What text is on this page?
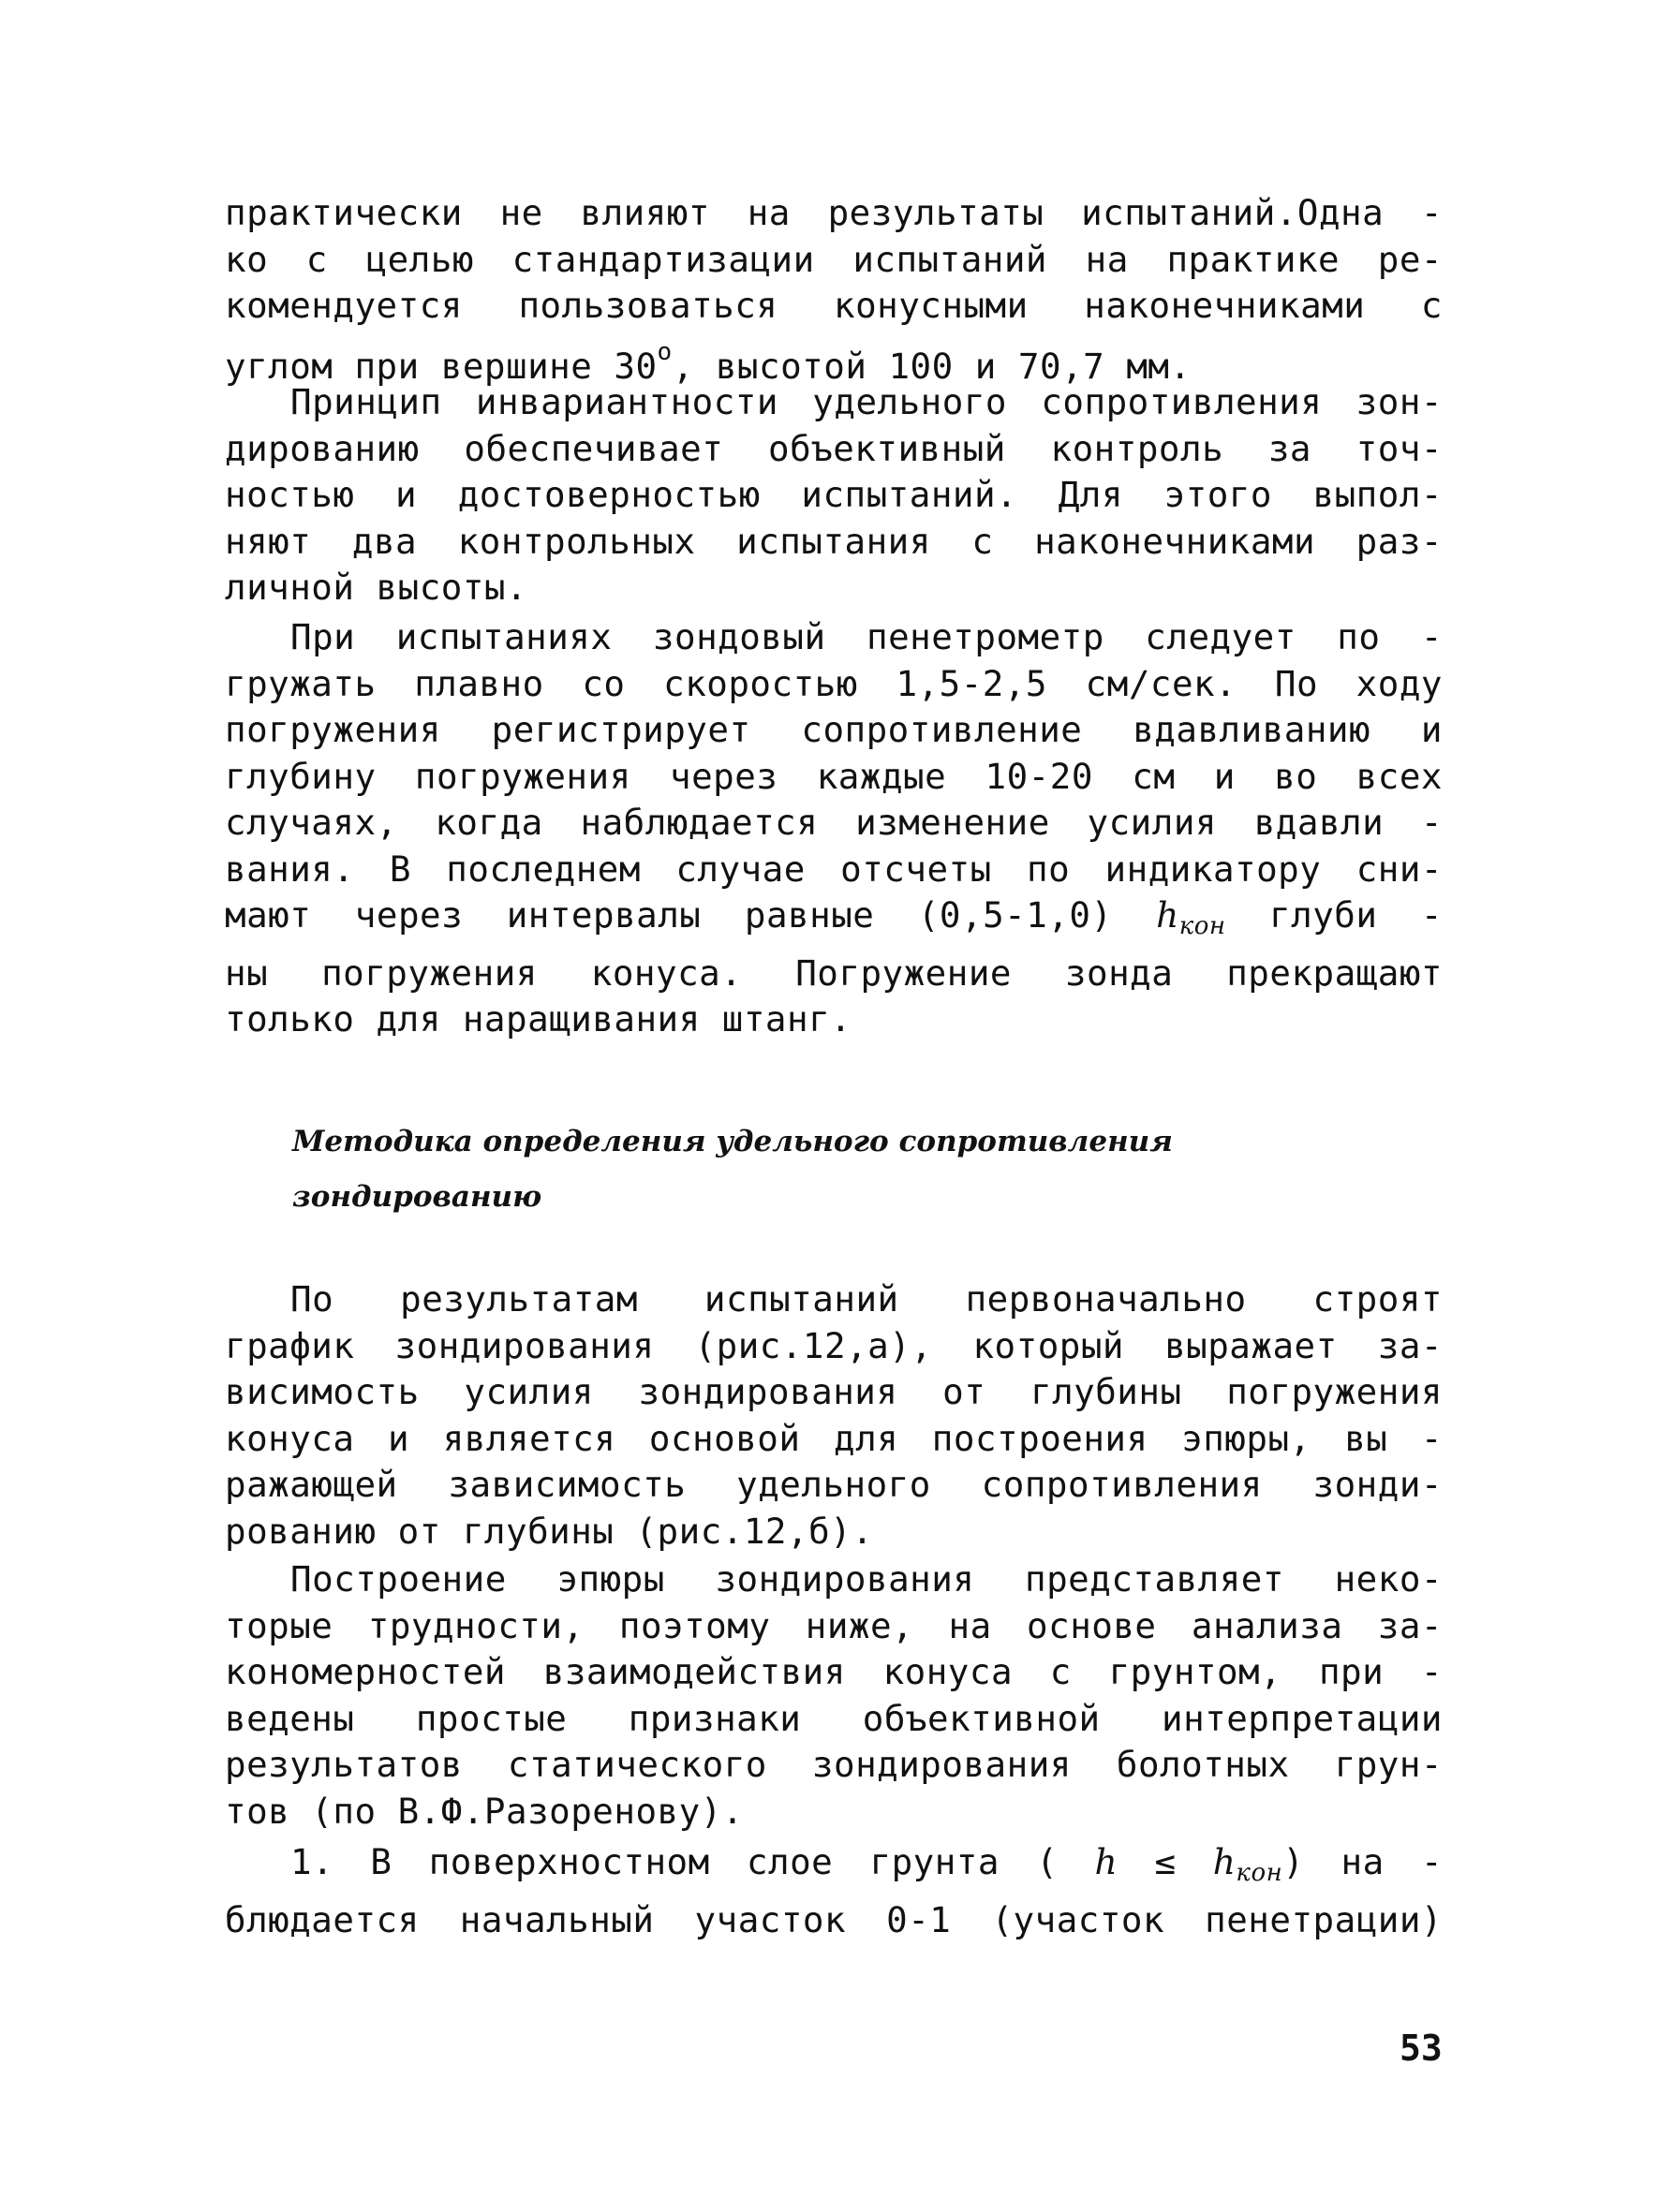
практически не влияют на результаты испытаний.Одна -
ко с целью стандартизации испытаний на практике ре-
комендуется пользоваться конусными наконечниками с
углом при вершине $30^о$, высотой 100 и 70,7 мм.
Принцип инвариантности удельного сопротивления зон-
дированию обеспечивает объективный контроль за точ-
ностью и достоверностью испытаний. Для этого выпол-
няют два контрольных испытания с наконечниками раз-
личной высоты.
При испытаниях зондовый пенетрометр следует по -
гружать плавно со скоростью 1,5-2,5 см/сек. По ходу
погружения регистрирует сопротивление вдавливанию и
глубину погружения через каждые 10-20 см и во всех
случаях, когда наблюдается изменение усилия вдавли -
вания. В последнем случае отсчеты по индикатору сни-
мают через интервалы равные (0,5-1,0) $h_{кон}$ глуби -
ны погружения конуса. Погружение зонда прекращают
только для наращивания штанг.
Методика определения удельного сопротивления
зондированию
По результатам испытаний первоначально строят
график зондирования (рис.12,а), который выражает за-
висимость усилия зондирования от глубины погружения
конуса и является основой для построения эпюры, вы -
ражающей зависимость удельного сопротивления зонди-
рованию от глубины (рис.12,б).
Построение эпюры зондирования представляет неко-
торые трудности, поэтому ниже, на основе анализа за-
кономерностей взаимодействия конуса с грунтом, при -
ведены простые признаки объективной интерпретации
результатов статического зондирования болотных грун-
тов (по В.Ф.Разоренову).
1. В поверхностном слое грунта ( $h \le h_{кон}$) на -
блюдается начальный участок 0-1 (участок пенетрации)
53
